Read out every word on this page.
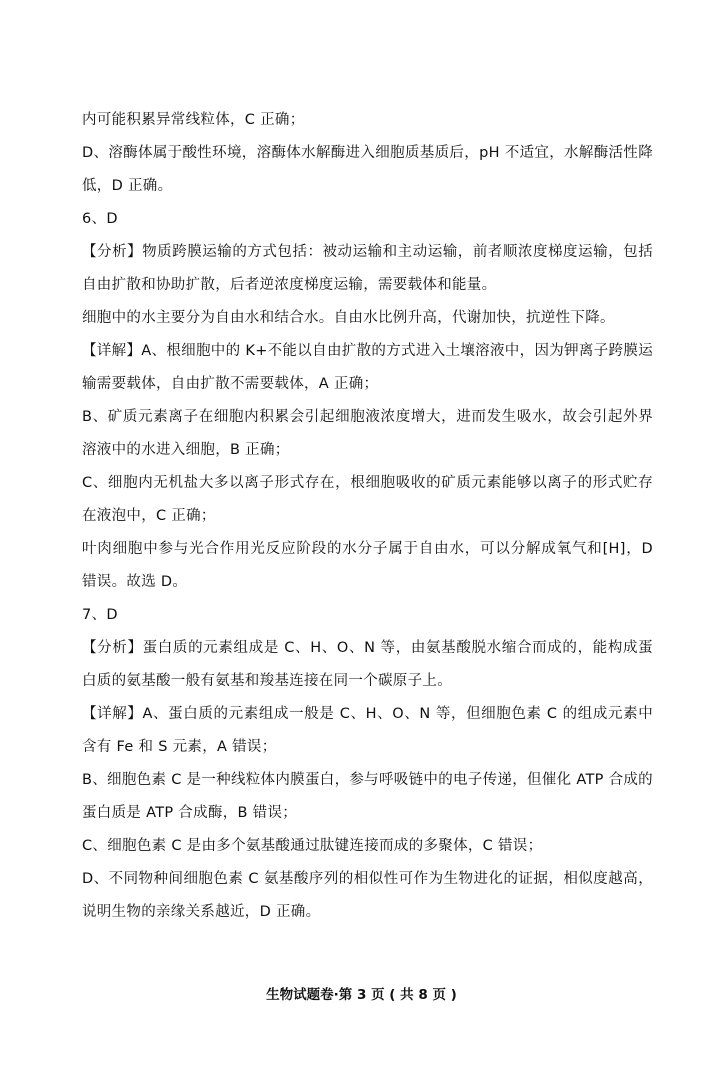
内可能积累异常线粒体，C 正确；

D、溶酶体属于酸性环境，溶酶体水解酶进入细胞质基质后，pH 不适宜，水解酶活性降低，D 正确。

6、D

【分析】物质跨膜运输的方式包括：被动运输和主动运输，前者顺浓度梯度运输，包括自由扩散和协助扩散，后者逆浓度梯度运输，需要载体和能量。

细胞中的水主要分为自由水和结合水。自由水比例升高，代谢加快，抗逆性下降。

【详解】A、根细胞中的 K+不能以自由扩散的方式进入土壤溶液中，因为钾离子跨膜运输需要载体，自由扩散不需要载体，A 正确；

B、矿质元素离子在细胞内积累会引起细胞液浓度增大，进而发生吸水，故会引起外界溶液中的水进入细胞，B 正确；

C、细胞内无机盐大多以离子形式存在，根细胞吸收的矿质元素能够以离子的形式贮存在液泡中，C 正确；

叶肉细胞中参与光合作用光反应阶段的水分子属于自由水，可以分解成氧气和[H]，D 错误。故选 D。

7、D

【分析】蛋白质的元素组成是 C、H、O、N 等，由氨基酸脱水缩合而成的，能构成蛋白质的氨基酸一般有氨基和羧基连接在同一个碳原子上。

【详解】A、蛋白质的元素组成一般是 C、H、O、N 等，但细胞色素 C 的组成元素中含有 Fe 和 S 元素，A 错误；

B、细胞色素 C 是一种线粒体内膜蛋白，参与呼吸链中的电子传递，但催化 ATP 合成的蛋白质是 ATP 合成酶，B 错误；

C、细胞色素 C 是由多个氨基酸通过肽键连接而成的多聚体，C 错误；

D、不同物种间细胞色素 C 氨基酸序列的相似性可作为生物进化的证据，相似度越高，说明生物的亲缘关系越近，D 正确。

生物试题卷·第 3 页 ( 共 8 页 )
